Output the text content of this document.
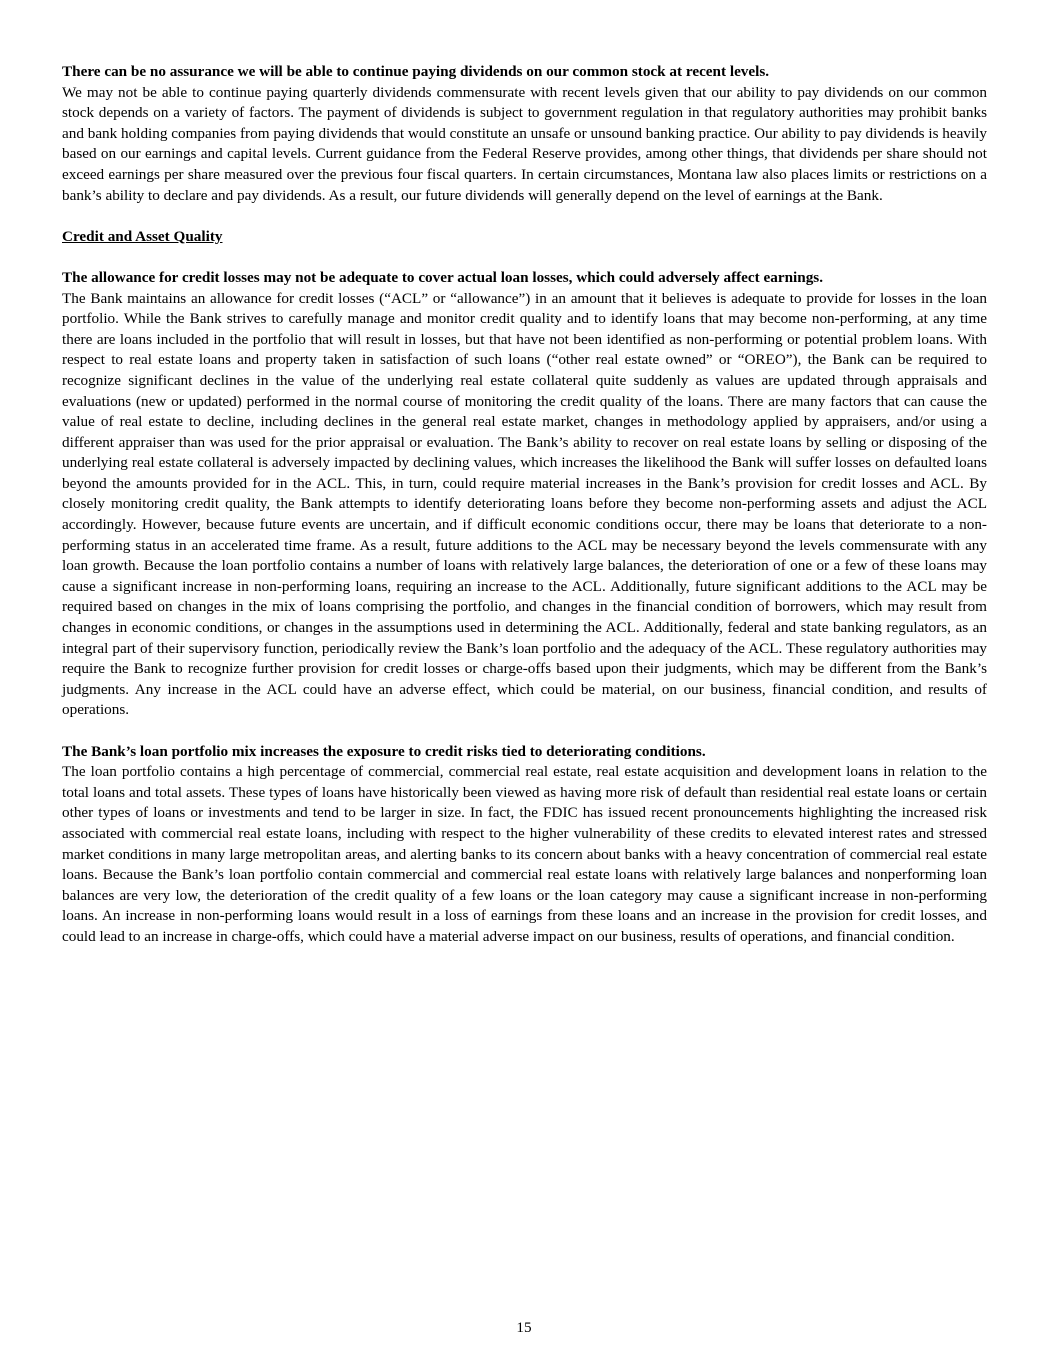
There can be no assurance we will be able to continue paying dividends on our common stock at recent levels.

We may not be able to continue paying quarterly dividends commensurate with recent levels given that our ability to pay dividends on our common stock depends on a variety of factors. The payment of dividends is subject to government regulation in that regulatory authorities may prohibit banks and bank holding companies from paying dividends that would constitute an unsafe or unsound banking practice. Our ability to pay dividends is heavily based on our earnings and capital levels. Current guidance from the Federal Reserve provides, among other things, that dividends per share should not exceed earnings per share measured over the previous four fiscal quarters. In certain circumstances, Montana law also places limits or restrictions on a bank’s ability to declare and pay dividends. As a result, our future dividends will generally depend on the level of earnings at the Bank.

Credit and Asset Quality

The allowance for credit losses may not be adequate to cover actual loan losses, which could adversely affect earnings.

The Bank maintains an allowance for credit losses (“ACL” or “allowance”) in an amount that it believes is adequate to provide for losses in the loan portfolio. While the Bank strives to carefully manage and monitor credit quality and to identify loans that may become non-performing, at any time there are loans included in the portfolio that will result in losses, but that have not been identified as non-performing or potential problem loans. With respect to real estate loans and property taken in satisfaction of such loans (“other real estate owned” or “OREO”), the Bank can be required to recognize significant declines in the value of the underlying real estate collateral quite suddenly as values are updated through appraisals and evaluations (new or updated) performed in the normal course of monitoring the credit quality of the loans. There are many factors that can cause the value of real estate to decline, including declines in the general real estate market, changes in methodology applied by appraisers, and/or using a different appraiser than was used for the prior appraisal or evaluation. The Bank’s ability to recover on real estate loans by selling or disposing of the underlying real estate collateral is adversely impacted by declining values, which increases the likelihood the Bank will suffer losses on defaulted loans beyond the amounts provided for in the ACL. This, in turn, could require material increases in the Bank’s provision for credit losses and ACL. By closely monitoring credit quality, the Bank attempts to identify deteriorating loans before they become non-performing assets and adjust the ACL accordingly. However, because future events are uncertain, and if difficult economic conditions occur, there may be loans that deteriorate to a non-performing status in an accelerated time frame. As a result, future additions to the ACL may be necessary beyond the levels commensurate with any loan growth. Because the loan portfolio contains a number of loans with relatively large balances, the deterioration of one or a few of these loans may cause a significant increase in non-performing loans, requiring an increase to the ACL. Additionally, future significant additions to the ACL may be required based on changes in the mix of loans comprising the portfolio, and changes in the financial condition of borrowers, which may result from changes in economic conditions, or changes in the assumptions used in determining the ACL. Additionally, federal and state banking regulators, as an integral part of their supervisory function, periodically review the Bank’s loan portfolio and the adequacy of the ACL. These regulatory authorities may require the Bank to recognize further provision for credit losses or charge-offs based upon their judgments, which may be different from the Bank’s judgments. Any increase in the ACL could have an adverse effect, which could be material, on our business, financial condition, and results of operations.

The Bank’s loan portfolio mix increases the exposure to credit risks tied to deteriorating conditions.

The loan portfolio contains a high percentage of commercial, commercial real estate, real estate acquisition and development loans in relation to the total loans and total assets. These types of loans have historically been viewed as having more risk of default than residential real estate loans or certain other types of loans or investments and tend to be larger in size. In fact, the FDIC has issued recent pronouncements highlighting the increased risk associated with commercial real estate loans, including with respect to the higher vulnerability of these credits to elevated interest rates and stressed market conditions in many large metropolitan areas, and alerting banks to its concern about banks with a heavy concentration of commercial real estate loans. Because the Bank’s loan portfolio contain commercial and commercial real estate loans with relatively large balances and nonperforming loan balances are very low, the deterioration of the credit quality of a few loans or the loan category may cause a significant increase in non-performing loans. An increase in non-performing loans would result in a loss of earnings from these loans and an increase in the provision for credit losses, and could lead to an increase in charge-offs, which could have a material adverse impact on our business, results of operations, and financial condition.

15
